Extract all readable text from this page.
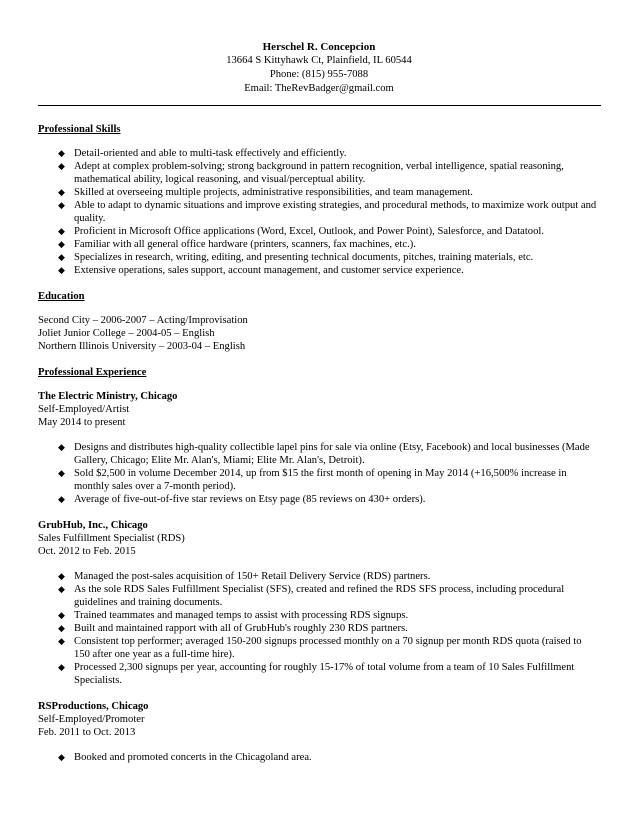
Herschel R. Concepcion
13664 S Kittyhawk Ct, Plainfield, IL 60544
Phone: (815) 955-7088
Email: TheRevBadger@gmail.com
Professional Skills
◆ Detail-oriented and able to multi-task effectively and efficiently.
◆ Adept at complex problem-solving; strong background in pattern recognition, verbal intelligence, spatial reasoning, mathematical ability, logical reasoning, and visual/perceptual ability.
◆ Skilled at overseeing multiple projects, administrative responsibilities, and team management.
◆ Able to adapt to dynamic situations and improve existing strategies, and procedural methods, to maximize work output and quality.
◆ Proficient in Microsoft Office applications (Word, Excel, Outlook, and Power Point), Salesforce, and Datatool.
◆ Familiar with all general office hardware (printers, scanners, fax machines, etc.).
◆ Specializes in research, writing, editing, and presenting technical documents, pitches, training materials, etc.
◆ Extensive operations, sales support, account management, and customer service experience.
Education
Second City – 2006-2007 – Acting/Improvisation
Joliet Junior College – 2004-05 – English
Northern Illinois University – 2003-04 – English
Professional Experience
The Electric Ministry, Chicago
Self-Employed/Artist
May 2014 to present
◆ Designs and distributes high-quality collectible lapel pins for sale via online (Etsy, Facebook) and local businesses (Made Gallery, Chicago; Elite Mr. Alan's, Miami; Elite Mr. Alan's, Detroit).
◆ Sold $2,500 in volume December 2014, up from $15 the first month of opening in May 2014 (+16,500% increase in monthly sales over a 7-month period).
◆ Average of five-out-of-five star reviews on Etsy page (85 reviews on 430+ orders).
GrubHub, Inc., Chicago
Sales Fulfillment Specialist (RDS)
Oct. 2012 to Feb. 2015
◆ Managed the post-sales acquisition of 150+ Retail Delivery Service (RDS) partners.
◆ As the sole RDS Sales Fulfillment Specialist (SFS), created and refined the RDS SFS process, including procedural guidelines and training documents.
◆ Trained teammates and managed temps to assist with processing RDS signups.
◆ Built and maintained rapport with all of GrubHub's roughly 230 RDS partners.
◆ Consistent top performer; averaged 150-200 signups processed monthly on a 70 signup per month RDS quota (raised to 150 after one year as a full-time hire).
◆ Processed 2,300 signups per year, accounting for roughly 15-17% of total volume from a team of 10 Sales Fulfillment Specialists.
RSProductions, Chicago
Self-Employed/Promoter
Feb. 2011 to Oct. 2013
◆ Booked and promoted concerts in the Chicagoland area.
